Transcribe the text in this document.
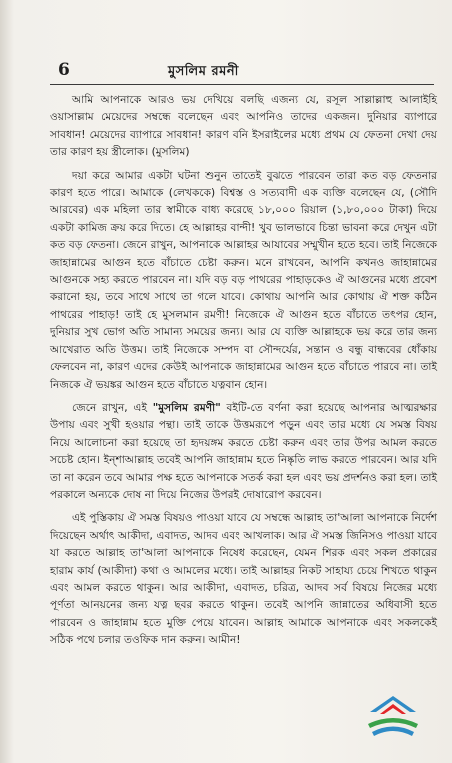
6	মুসলিম রমনী

আমি আপনাকে আরও ভয় দেখিয়ে বলছি এজন্য যে, রসূল সাল্লাল্লাহু আলাইহি ওয়াসাল্লাম মেয়েদের সম্বন্ধে বলেছেন এবং আপনিও তাদের একজন। দুনিয়ার ব্যাপারে সাবধান! মেয়েদের ব্যাপারে সাবধান! কারণ বনি ইসরাইলের মধ্যে প্রথম যে ফেতনা দেখা দেয় তার কারণ হয় স্ত্রীলোক। (মুসলিম)

দয়া করে আমার একটা ঘটনা শুনুন তাতেই বুঝতে পারবেন তারা কত বড় ফেতনার কারণ হতে পারে। আমাকে (লেখককে) বিশ্বস্ত ও সত্যবাদী এক ব্যক্তি বলেছেন যে, (সৌদি আরবের) এক মহিলা তার স্বামীকে বাধ্য করেছে ১৮,০০০ রিয়াল (১,৮০,০০০ টাকা) দিয়ে একটা কামিজ ক্রয় করে দিতে। হে আল্লাহর বান্দী! খুব ভালভাবে চিন্তা ভাবনা করে দেখুন এটা কত বড় ফেতনা। জেনে রাখুন, আপনাকে আল্লাহর আযাবের সম্মুখীন হতে হবে। তাই নিজেকে জাহান্নামের আগুন হতে বাঁচাতে চেষ্টা করুন। মনে রাখবেন, আপনি কখনও জাহান্নামের আগুনকে সহ্য করতে পারবেন না। যদি বড় বড় পাথরের পাহাড়কেও ঐ আগুনের মধ্যে প্রবেশ করানো হয়, তবে সাথে সাথে তা গলে যাবে। কোথায় আপনি আর কোথায় ঐ শক্ত কঠিন পাথরের পাহাড়! তাই হে মুসলমান রমণী! নিজেকে ঐ আগুন হতে বাঁচাতে তৎপর হোন, দুনিয়ার সুখ ভোগ অতি সামান্য সময়ের জন্য। আর যে ব্যক্তি আল্লাহকে ভয় করে তার জন্য আখেরাত অতি উত্তম। তাই নিজেকে সম্পদ বা সৌন্দর্যের, সন্তান ও বন্ধু বান্ধবের ধোঁকায় ফেলবেন না, কারণ এদের কেউই আপনাকে জাহান্নামের আগুন হতে বাঁচাতে পারবে না। তাই নিজকে ঐ ভয়ঙ্কর আগুন হতে বাঁচাতে যত্নবান হোন।

জেনে রাখুন, এই "মুসলিম রমণী" বইটি-তে বর্ণনা করা হয়েছে আপনার আত্মরক্ষার উপায় এবং সুখী হওয়ার পন্থা। তাই তাকে উত্তমরূপে পড়ুন এবং তার মধ্যে যে সমস্ত বিষয় নিয়ে আলোচনা করা হয়েছে তা হৃদয়ঙ্গম করতে চেষ্টা করুন এবং তার উপর আমল করতে সচেষ্ট হোন। ইন্‌শাআল্লাহ তবেই আপনি জাহান্নাম হতে নিষ্কৃতি লাভ করতে পারবেন। আর যদি তা না করেন তবে আমার পক্ষ হতে আপনাকে সতর্ক করা হল এবং ভয় প্রদর্শনও করা হল। তাই পরকালে অন্যকে দোষ না দিয়ে নিজের উপরই দোষারোপ করবেন।

এই পুস্তিকায় ঐ সমস্ত বিষয়ও পাওয়া যাবে যে সম্বন্ধে আল্লাহ তা'আলা আপনাকে নির্দেশ দিয়েছেন অর্থাৎ আকীদা, এবাদত, আদব এবং আখলাক। আর ঐ সমস্ত জিনিসও পাওয়া যাবে যা করতে আল্লাহ তা'আলা আপনাকে নিষেধ করেছেন, যেমন শিরক এবং সকল প্রকারের হারাম কার্য (আকীদা) কথা ও আমলের মধ্যে। তাই আল্লাহর নিকট সাহায্য চেয়ে শিখতে থাকুন এবং আমল করতে থাকুন। আর আকীদা, এবাদত, চরিত্র, আদব সর্ব বিষয়ে নিজের মধ্যে পূর্ণতা আনয়নের জন্য যত্ন ছবর করতে থাকুন। তবেই আপনি জান্নাতের অধিবাসী হতে পারবেন ও জাহান্নাম হতে মুক্তি পেয়ে যাবেন। আল্লাহ আমাকে আপনাকে এবং সকলকেই সঠিক পথে চলার তওফিক দান করুন। আমীন!
